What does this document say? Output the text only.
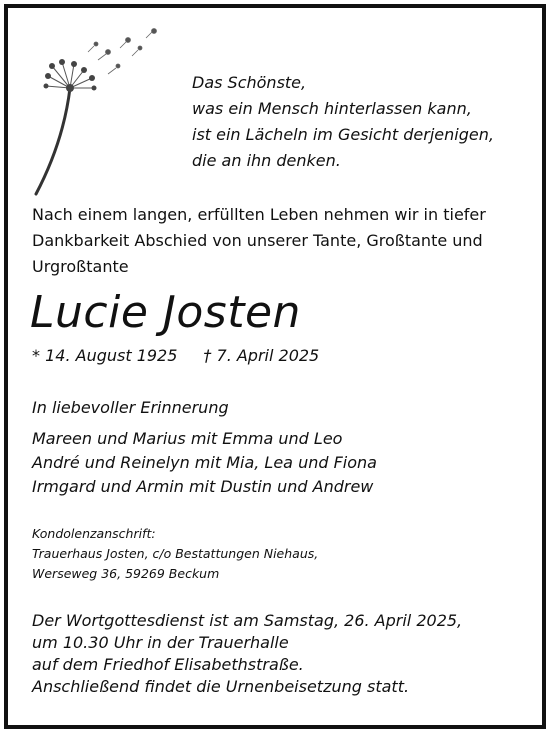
Das Schönste,
was ein Mensch hinterlassen kann,
ist ein Lächeln im Gesicht derjenigen,
die an ihn denken.
Nach einem langen, erfüllten Leben nehmen wir in tiefer
Dankbarkeit Abschied von unserer Tante, Großtante und
Urgroßtante
Lucie Josten
* 14. August 1925 † 7. April 2025
In liebevoller Erinnerung
Mareen und Marius mit Emma und Leo
André und Reinelyn mit Mia, Lea und Fiona
Irmgard und Armin mit Dustin und Andrew
Kondolenzanschrift:
Trauerhaus Josten, c/o Bestattungen Niehaus,
Werseweg 36, 59269 Beckum
Der Wortgottesdienst ist am Samstag, 26. April 2025,
um 10.30 Uhr in der Trauerhalle
auf dem Friedhof Elisabethstraße.
Anschließend findet die Urnenbeisetzung statt.
